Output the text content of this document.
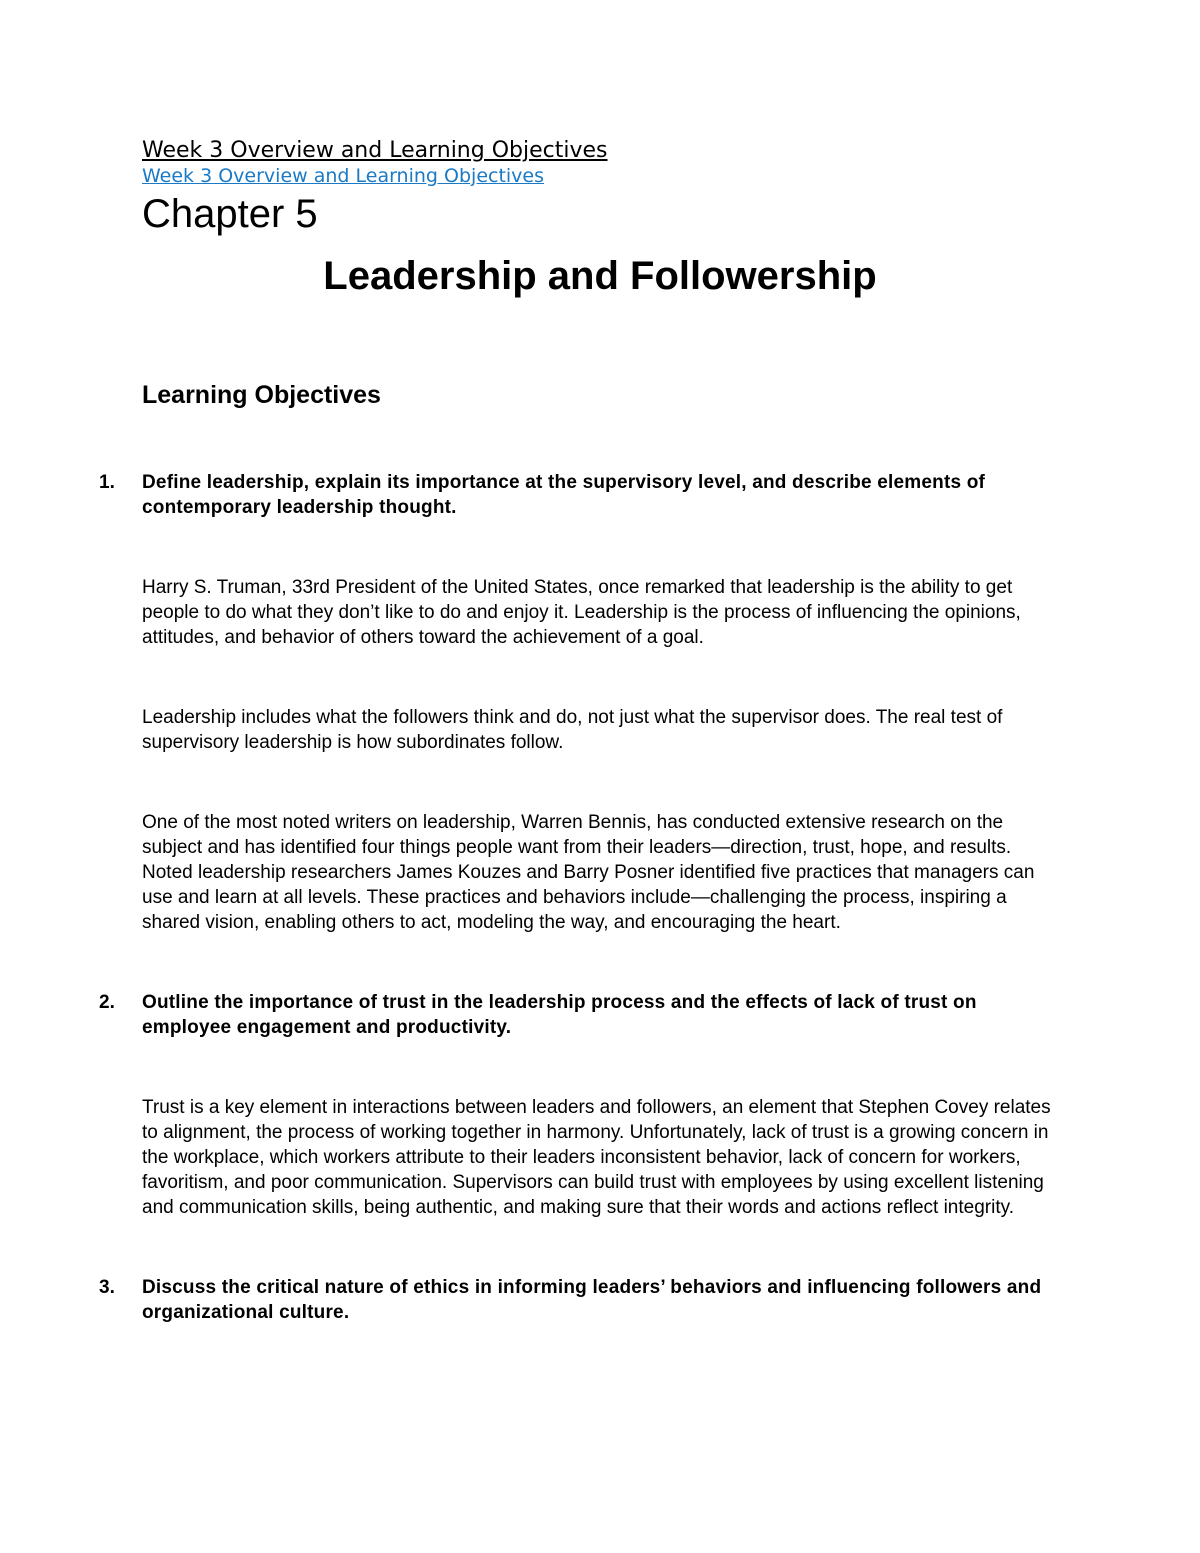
Week 3 Overview and Learning Objectives
Week 3 Overview and Learning Objectives
Chapter 5
Leadership and Followership
Learning Objectives
1. Define leadership, explain its importance at the supervisory level, and describe elements of contemporary leadership thought.

Harry S. Truman, 33rd President of the United States, once remarked that leadership is the ability to get people to do what they don’t like to do and enjoy it. Leadership is the process of influencing the opinions, attitudes, and behavior of others toward the achievement of a goal.

Leadership includes what the followers think and do, not just what the supervisor does. The real test of supervisory leadership is how subordinates follow.

One of the most noted writers on leadership, Warren Bennis, has conducted extensive research on the subject and has identified four things people want from their leaders—direction, trust, hope, and results. Noted leadership researchers James Kouzes and Barry Posner identified five practices that managers can use and learn at all levels. These practices and behaviors include—challenging the process, inspiring a shared vision, enabling others to act, modeling the way, and encouraging the heart.

2. Outline the importance of trust in the leadership process and the effects of lack of trust on employee engagement and productivity.

Trust is a key element in interactions between leaders and followers, an element that Stephen Covey relates to alignment, the process of working together in harmony. Unfortunately, lack of trust is a growing concern in the workplace, which workers attribute to their leaders inconsistent behavior, lack of concern for workers, favoritism, and poor communication. Supervisors can build trust with employees by using excellent listening and communication skills, being authentic, and making sure that their words and actions reflect integrity.

3. Discuss the critical nature of ethics in informing leaders’ behaviors and influencing followers and organizational culture.
